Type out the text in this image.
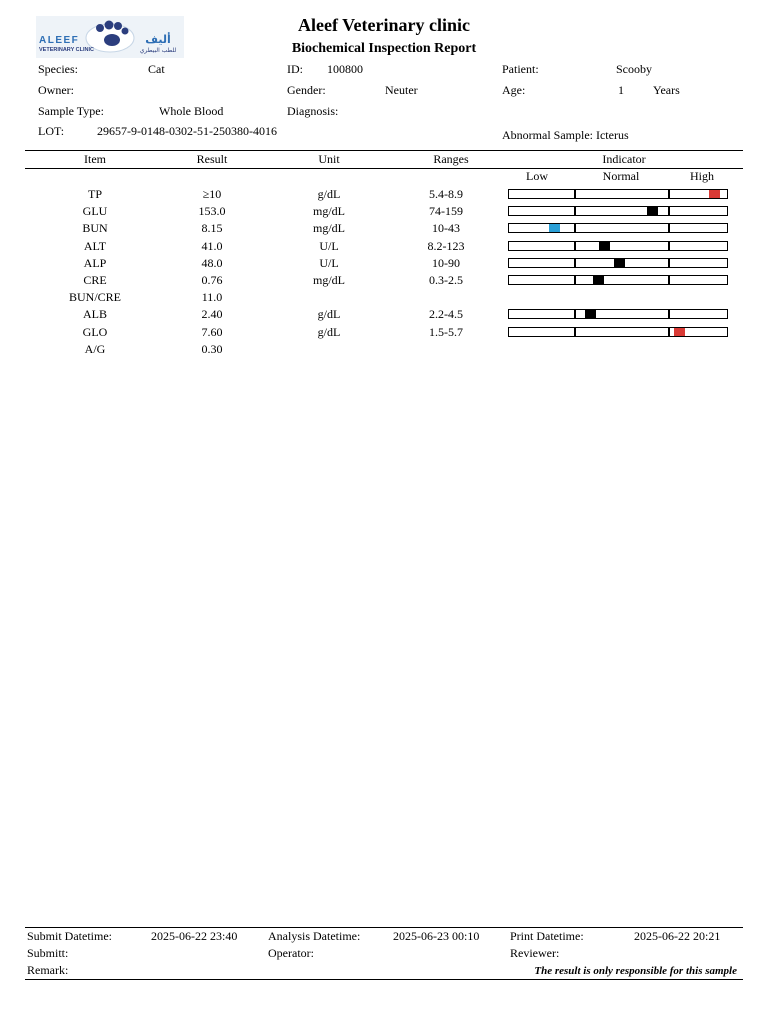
ALEEF
VETERINARY CLINIC
أليف
للطب البيطري
Aleef Veterinary clinic
Biochemical Inspection Report
Species:	Cat	ID: 100800	Patient:	Scooby
Owner:	Gender:	Neuter	Age:	1 Years
Sample Type:	Whole Blood	Diagnosis:
LOT:	29657-9-0148-0302-51-250380-4016	Abnormal Sample: Icterus
Item	Result	Unit	Ranges	Indicator
Low	Normal	High
TP	≥10	g/dL	5.4-8.9
GLU	153.0	mg/dL	74-159
BUN	8.15	mg/dL	10-43
ALT	41.0	U/L	8.2-123
ALP	48.0	U/L	10-90
CRE	0.76	mg/dL	0.3-2.5
BUN/CRE	11.0
ALB	2.40	g/dL	2.2-4.5
GLO	7.60	g/dL	1.5-5.7
A/G	0.30
Submit Datetime:	2025-06-22 23:40	Analysis Datetime:	2025-06-23 00:10	Print Datetime:	2025-06-22 20:21
Submitt:	Operator:	Reviewer:
Remark:	The result is only responsible for this sample
